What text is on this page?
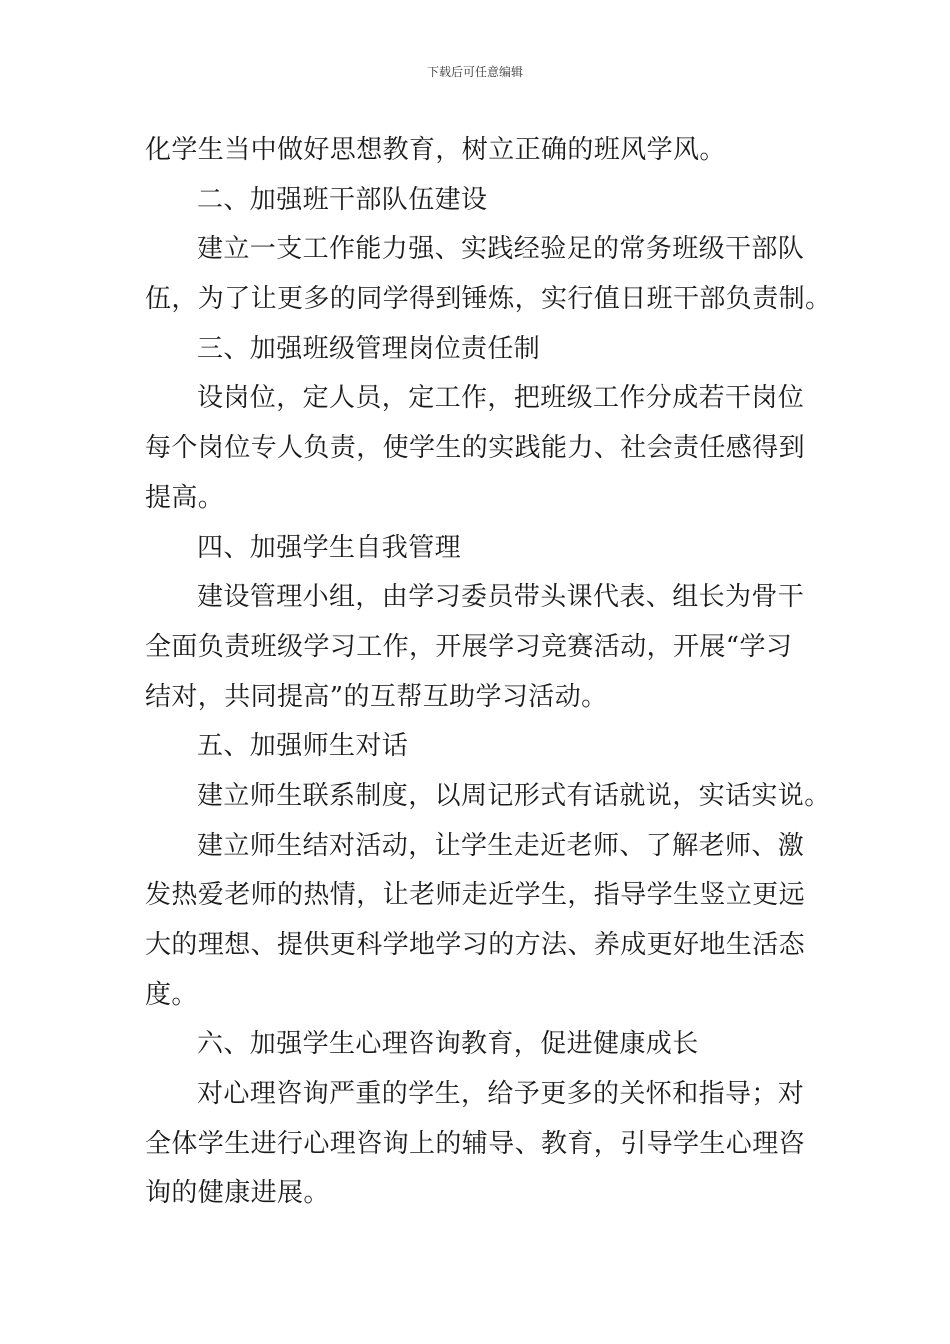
下载后可任意编辑
化学生当中做好思想教育，树立正确的班风学风。
二、加强班干部队伍建设
建立一支工作能力强、实践经验足的常务班级干部队
伍，为了让更多的同学得到锤炼，实行值日班干部负责制。
三、加强班级管理岗位责任制
设岗位，定人员，定工作，把班级工作分成若干岗位
每个岗位专人负责，使学生的实践能力、社会责任感得到
提高。
四、加强学生自我管理
建设管理小组，由学习委员带头课代表、组长为骨干
全面负责班级学习工作，开展学习竞赛活动，开展“学习
结对，共同提高”的互帮互助学习活动。
五、加强师生对话
建立师生联系制度，以周记形式有话就说，实话实说。
建立师生结对活动，让学生走近老师、了解老师、激
发热爱老师的热情，让老师走近学生，指导学生竖立更远
大的理想、提供更科学地学习的方法、养成更好地生活态
度。
六、加强学生心理咨询教育，促进健康成长
对心理咨询严重的学生，给予更多的关怀和指导；对
全体学生进行心理咨询上的辅导、教育，引导学生心理咨
询的健康进展。
